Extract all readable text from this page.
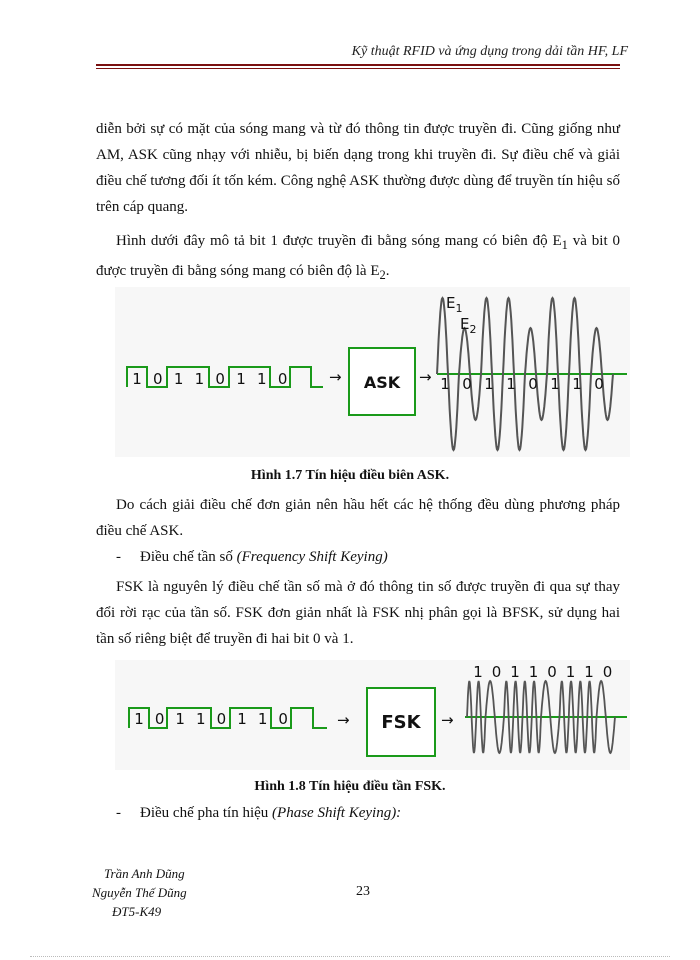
Kỹ thuật RFID và ứng dụng trong dải tần HF, LF

diễn bởi sự có mặt của sóng mang và từ đó thông tin được truyền đi. Cũng giống như AM, ASK cũng nhạy với nhiễu, bị biến dạng trong khi truyền đi. Sự điều chế và giải điều chế tương đối ít tốn kém. Công nghệ ASK thường được dùng để truyền tín hiệu số trên cáp quang.

Hình dưới đây mô tả bit 1 được truyền đi bằng sóng mang có biên độ $E_1$ và bit 0 được truyền đi bằng sóng mang có biên độ là $E_2$.

1 0 1 1 0 1 1 0	→ ASK →
$E_1$
$E_2$
1 0 1 1 0 1 1 0

Hình 1.7 Tín hiệu điều biên ASK.

Do cách giải điều chế đơn giản nên hầu hết các hệ thống đều dùng phương pháp điều chế ASK.

- Điều chế tần số (Frequency Shift Keying)

FSK là nguyên lý điều chế tần số mà ở đó thông tin số được truyền đi qua sự thay đổi rời rạc của tần số. FSK đơn giản nhất là FSK nhị phân gọi là BFSK, sử dụng hai tần số riêng biệt để truyền đi hai bit 0 và 1.

1 0 1 1 0 1 1 0	→ FSK →
1 0 1 1 0 1 1 0

Hình 1.8 Tín hiệu điều tần FSK.

- Điều chế pha tín hiệu (Phase Shift Keying):

Trần Anh Dũng
Nguyễn Thế Dũng
ĐT5-K49
23
